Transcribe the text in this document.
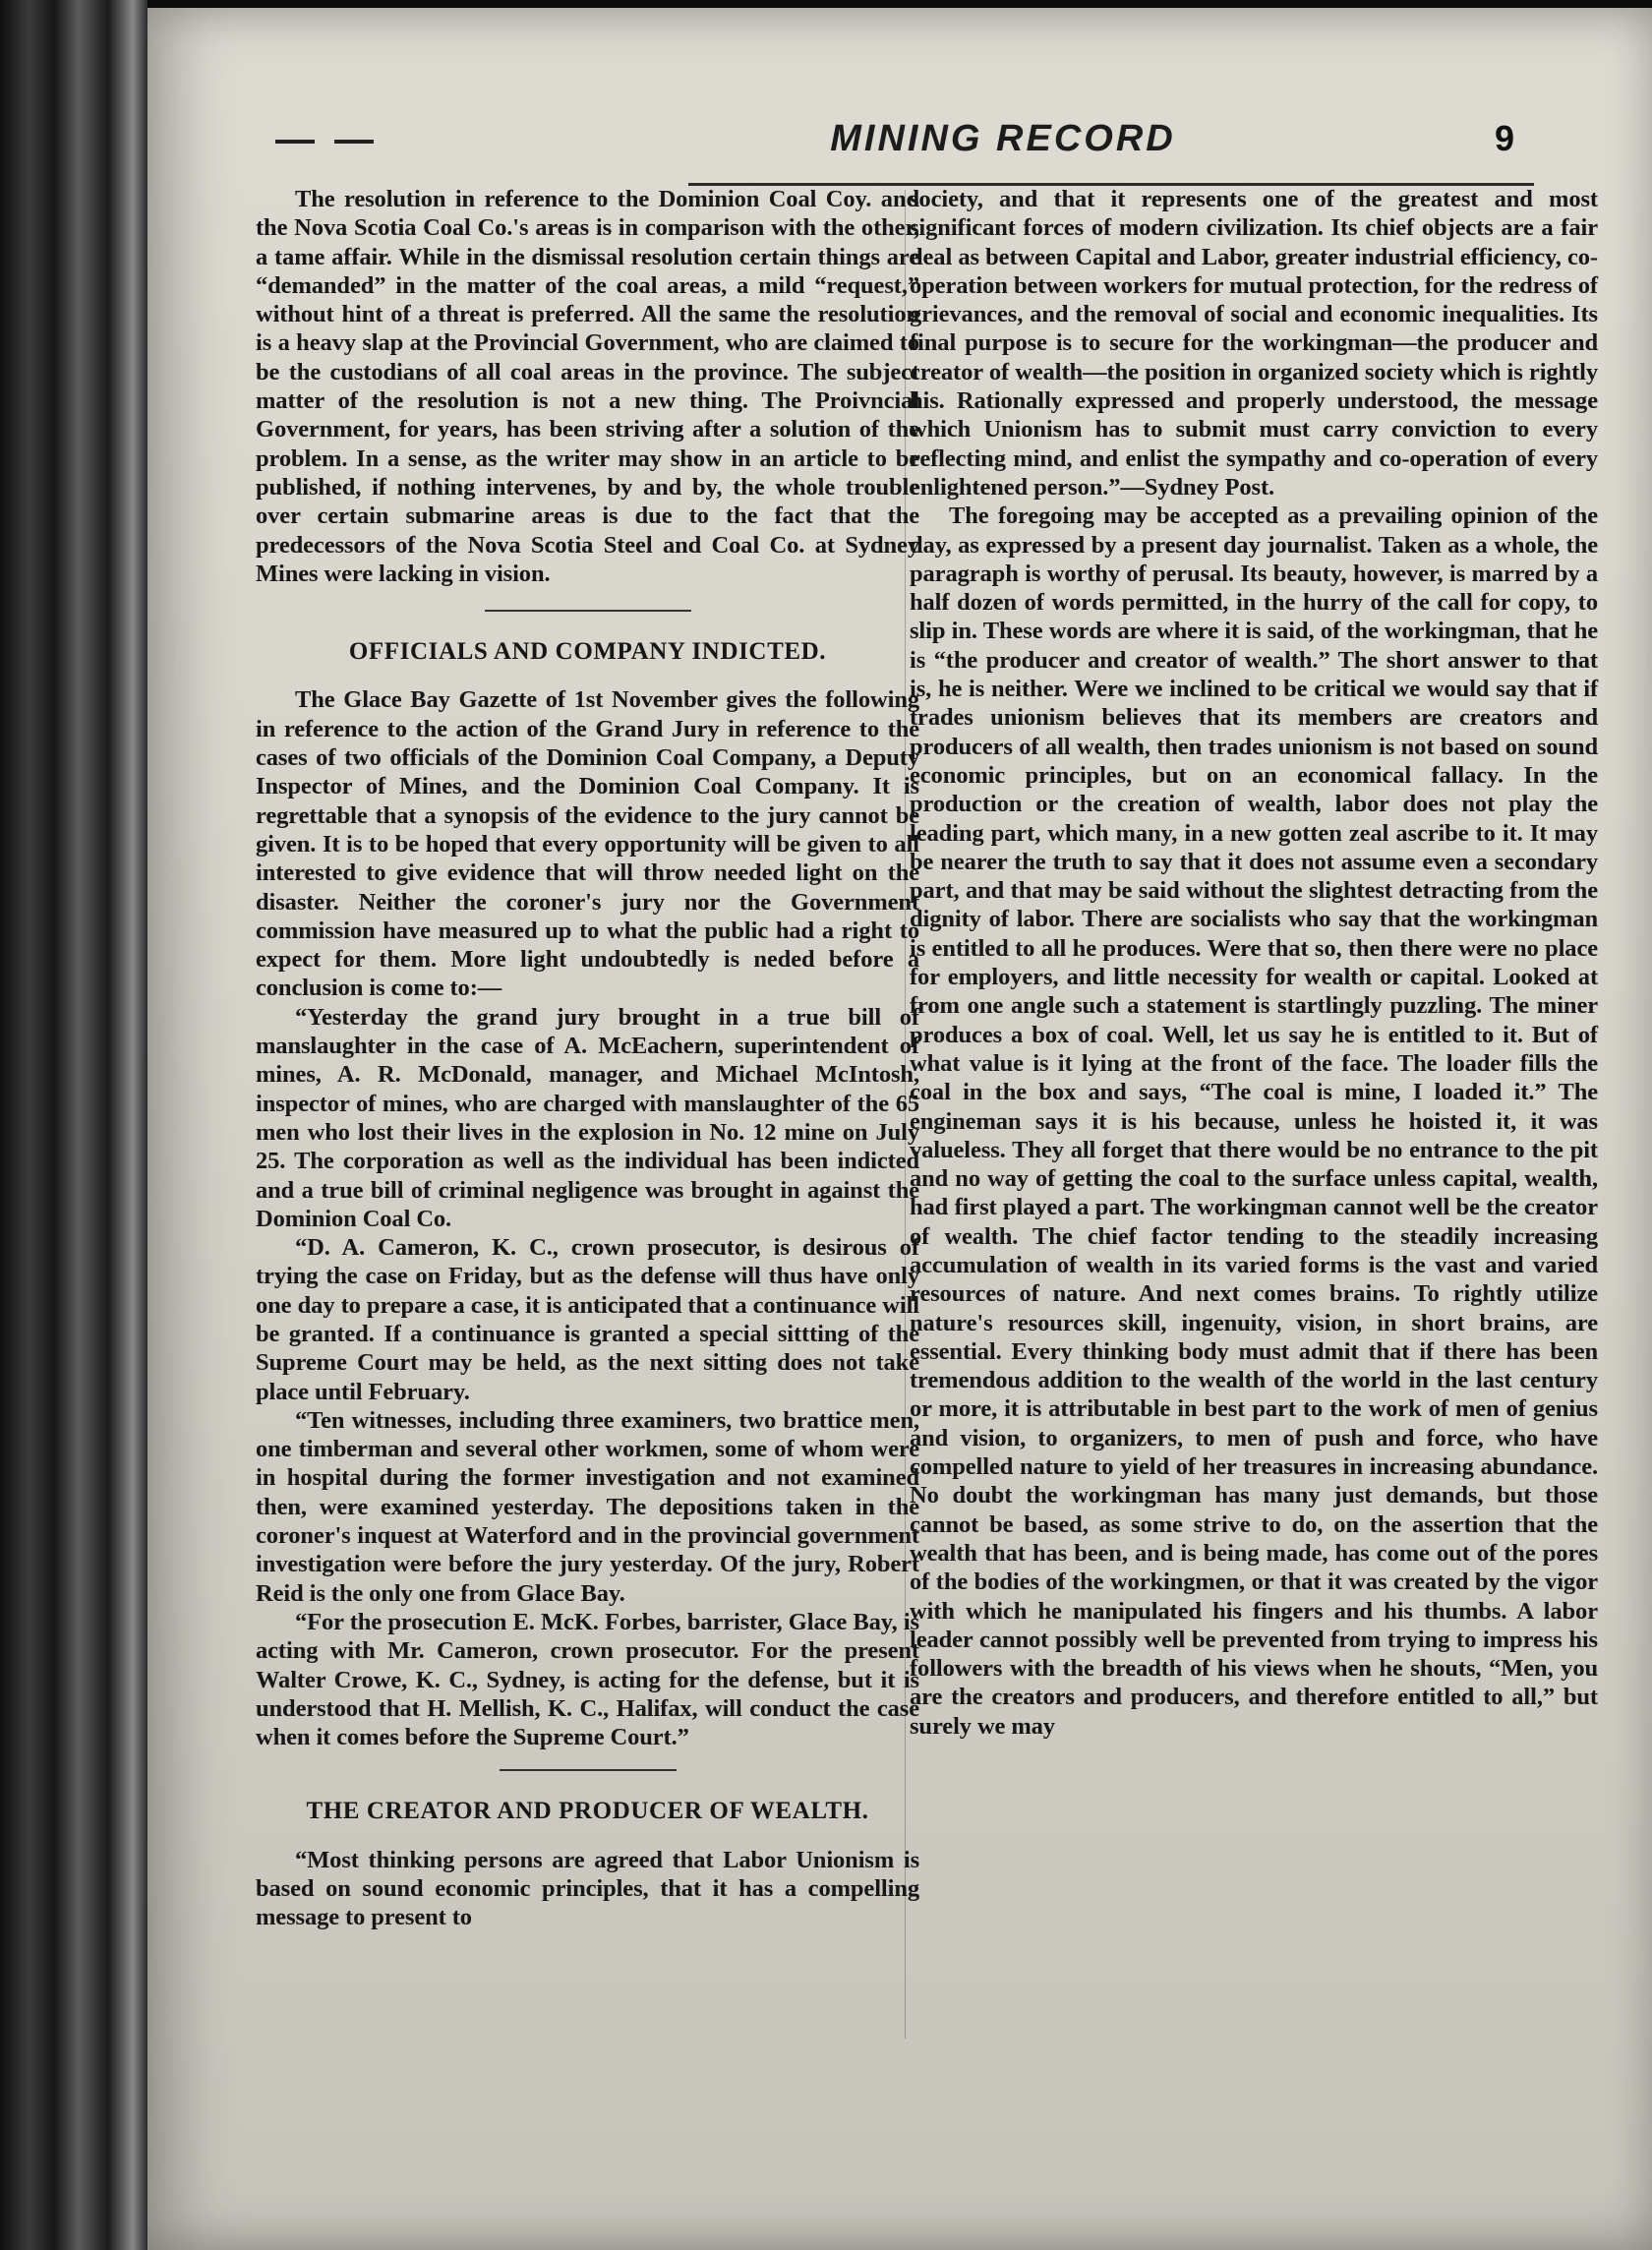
MINING RECORD	9

The resolution in reference to the Dominion Coal Coy. and the Nova Scotia Coal Co.'s areas is in comparison with the other, a tame affair. While in the dismissal resolution certain things are “demanded” in the matter of the coal areas, a mild “request,” without hint of a threat is preferred. All the same the resolution is a heavy slap at the Provincial Government, who are claimed to be the custodians of all coal areas in the province. The subject matter of the resolution is not a new thing. The Proivncial Government, for years, has been striving after a solution of the problem. In a sense, as the writer may show in an article to be published, if nothing intervenes, by and by, the whole trouble over certain submarine areas is due to the fact that the predecessors of the Nova Scotia Steel and Coal Co. at Sydney Mines were lacking in vision.

OFFICIALS AND COMPANY INDICTED.

The Glace Bay Gazette of 1st November gives the following in reference to the action of the Grand Jury in reference to the cases of two officials of the Dominion Coal Company, a Deputy Inspector of Mines, and the Dominion Coal Company. It is regrettable that a synopsis of the evidence to the jury cannot be given. It is to be hoped that every opportunity will be given to all interested to give evidence that will throw needed light on the disaster. Neither the coroner's jury nor the Government commission have measured up to what the public had a right to expect for them. More light undoubtedly is neded before a conclusion is come to:—

“Yesterday the grand jury brought in a true bill of manslaughter in the case of A. McEachern, superintendent of mines, A. R. McDonald, manager, and Michael McIntosh, inspector of mines, who are charged with manslaughter of the 65 men who lost their lives in the explosion in No. 12 mine on July 25. The corporation as well as the individual has been indicted and a true bill of criminal negligence was brought in against the Dominion Coal Co.

“D. A. Cameron, K. C., crown prosecutor, is desirous of trying the case on Friday, but as the defense will thus have only one day to prepare a case, it is anticipated that a continuance will be granted. If a continuance is granted a special sittting of the Supreme Court may be held, as the next sitting does not take place until February.

“Ten witnesses, including three examiners, two brattice men, one timberman and several other workmen, some of whom were in hospital during the former investigation and not examined then, were examined yesterday. The depositions taken in the coroner's inquest at Waterford and in the provincial government investigation were before the jury yesterday. Of the jury, Robert Reid is the only one from Glace Bay.

“For the prosecution E. McK. Forbes, barrister, Glace Bay, is acting with Mr. Cameron, crown prosecutor. For the present Walter Crowe, K. C., Sydney, is acting for the defense, but it is understood that H. Mellish, K. C., Halifax, will conduct the case when it comes before the Supreme Court.”

THE CREATOR AND PRODUCER OF WEALTH.

“Most thinking persons are agreed that Labor Unionism is based on sound economic principles, that it has a compelling message to present to

society, and that it represents one of the greatest and most significant forces of modern civilization. Its chief objects are a fair deal as between Capital and Labor, greater industrial efficiency, co-operation between workers for mutual protection, for the redress of grievances, and the removal of social and economic inequalities. Its final purpose is to secure for the workingman—the producer and creator of wealth—the position in organized society which is rightly his. Rationally expressed and properly understood, the message which Unionism has to submit must carry conviction to every reflecting mind, and enlist the sympathy and co-operation of every enlightened person.”—Sydney Post.

The foregoing may be accepted as a prevailing opinion of the day, as expressed by a present day journalist. Taken as a whole, the paragraph is worthy of perusal. Its beauty, however, is marred by a half dozen of words permitted, in the hurry of the call for copy, to slip in. These words are where it is said, of the workingman, that he is “the producer and creator of wealth.” The short answer to that is, he is neither. Were we inclined to be critical we would say that if trades unionism believes that its members are creators and producers of all wealth, then trades unionism is not based on sound economic principles, but on an economical fallacy. In the production or the creation of wealth, labor does not play the leading part, which many, in a new gotten zeal ascribe to it. It may be nearer the truth to say that it does not assume even a secondary part, and that may be said without the slightest detracting from the dignity of labor. There are socialists who say that the workingman is entitled to all he produces. Were that so, then there were no place for employers, and little necessity for wealth or capital. Looked at from one angle such a statement is startlingly puzzling. The miner produces a box of coal. Well, let us say he is entitled to it. But of what value is it lying at the front of the face. The loader fills the coal in the box and says, “The coal is mine, I loaded it.” The engineman says it is his because, unless he hoisted it, it was valueless. They all forget that there would be no entrance to the pit and no way of getting the coal to the surface unless capital, wealth, had first played a part. The workingman cannot well be the creator of wealth. The chief factor tending to the steadily increasing accumulation of wealth in its varied forms is the vast and varied resources of nature. And next comes brains. To rightly utilize nature's resources skill, ingenuity, vision, in short brains, are essential. Every thinking body must admit that if there has been tremendous addition to the wealth of the world in the last century or more, it is attributable in best part to the work of men of genius and vision, to organizers, to men of push and force, who have compelled nature to yield of her treasures in increasing abundance. No doubt the workingman has many just demands, but those cannot be based, as some strive to do, on the assertion that the wealth that has been, and is being made, has come out of the pores of the bodies of the workingmen, or that it was created by the vigor with which he manipulated his fingers and his thumbs. A labor leader cannot possibly well be prevented from trying to impress his followers with the breadth of his views when he shouts, “Men, you are the creators and producers, and therefore entitled to all,” but surely we may
